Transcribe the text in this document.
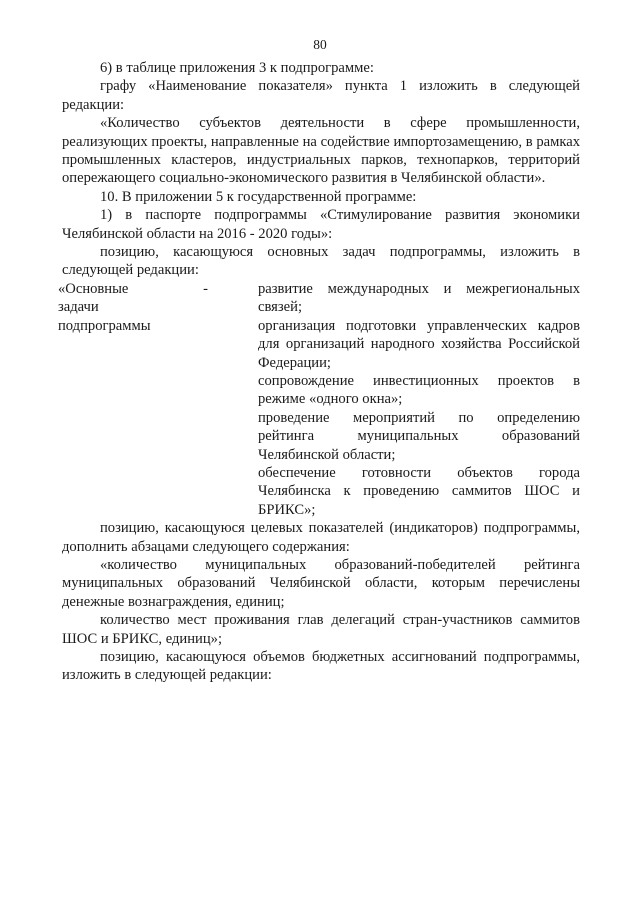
80

6) в таблице приложения 3 к подпрограмме:

графу «Наименование показателя» пункта 1 изложить в следующей редакции:

«Количество субъектов деятельности в сфере промышленности, реализующих проекты, направленные на содействие импортозамещению, в рамках промышленных кластеров, индустриальных парков, технопарков, территорий опережающего социально-экономического развития в Челябинской области».

10. В приложении 5 к государственной программе:

1) в паспорте подпрограммы «Стимулирование развития экономики Челябинской области на 2016 - 2020 годы»:

позицию, касающуюся основных задач подпрограммы, изложить в следующей редакции:

«Основные	-
задачи
подпрограммы

развитие международных и межрегиональных связей;

организация подготовки управленческих кадров для организаций народного хозяйства Российской Федерации;

сопровождение инвестиционных проектов в режиме «одного окна»;

проведение мероприятий по определению рейтинга муниципальных образований Челябинской области;

обеспечение готовности объектов города Челябинска к проведению саммитов ШОС и БРИКС»;

позицию, касающуюся целевых показателей (индикаторов) подпрограммы, дополнить абзацами следующего содержания:

«количество муниципальных образований-победителей рейтинга муниципальных образований Челябинской области, которым перечислены денежные вознаграждения, единиц;

количество мест проживания глав делегаций стран-участников саммитов ШОС и БРИКС, единиц»;

позицию, касающуюся объемов бюджетных ассигнований подпрограммы, изложить в следующей редакции:
